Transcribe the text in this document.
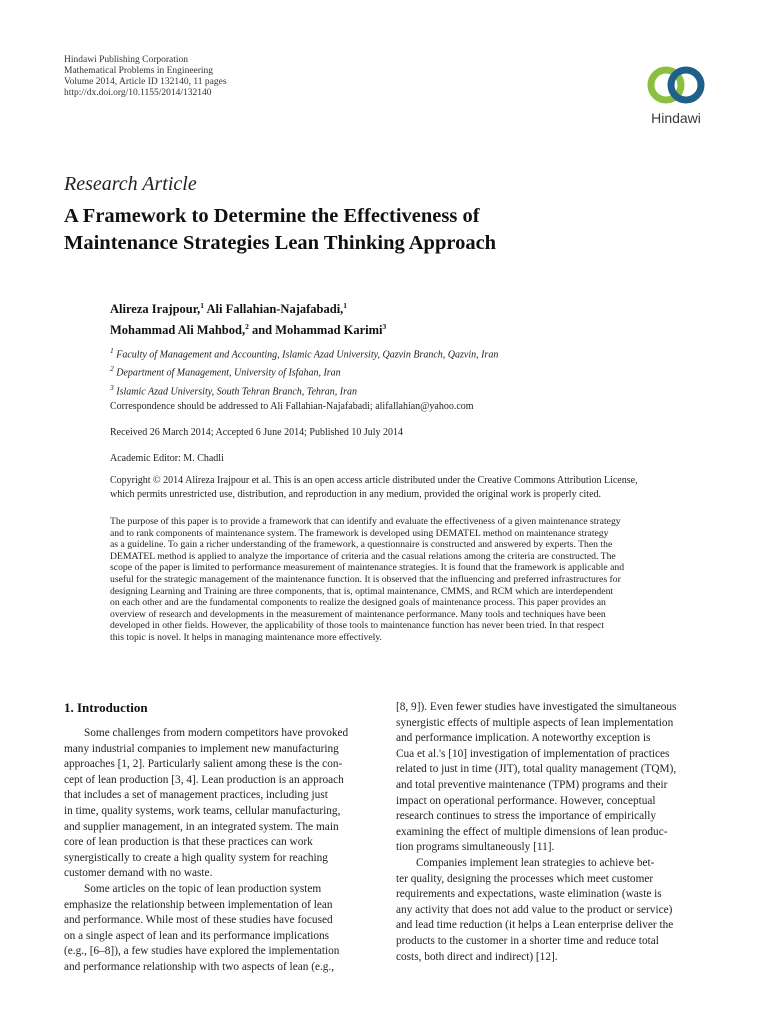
Hindawi Publishing Corporation
Mathematical Problems in Engineering
Volume 2014, Article ID 132140, 11 pages
http://dx.doi.org/10.1155/2014/132140
Hindawi
Research Article
A Framework to Determine the Effectiveness of
Maintenance Strategies Lean Thinking Approach
Alireza Irajpour,$^1$ Ali Fallahian-Najafabadi,$^1$
Mohammad Ali Mahbod,$^2$ and Mohammad Karimi$^3$
$^1$ Faculty of Management and Accounting, Islamic Azad University, Qazvin Branch, Qazvin, Iran
$^2$ Department of Management, University of Isfahan, Iran
$^3$ Islamic Azad University, South Tehran Branch, Tehran, Iran
Correspondence should be addressed to Ali Fallahian-Najafabadi; alifallahian@yahoo.com
Received 26 March 2014; Accepted 6 June 2014; Published 10 July 2014
Academic Editor: M. Chadli
Copyright © 2014 Alireza Irajpour et al. This is an open access article distributed under the Creative Commons Attribution License,
which permits unrestricted use, distribution, and reproduction in any medium, provided the original work is properly cited.
The purpose of this paper is to provide a framework that can identify and evaluate the effectiveness of a given maintenance strategy
and to rank components of maintenance system. The framework is developed using DEMATEL method on maintenance strategy
as a guideline. To gain a richer understanding of the framework, a questionnaire is constructed and answered by experts. Then the
DEMATEL method is applied to analyze the importance of criteria and the casual relations among the criteria are constructed. The
scope of the paper is limited to performance measurement of maintenance strategies. It is found that the framework is applicable and
useful for the strategic management of the maintenance function. It is observed that the influencing and preferred infrastructures for
designing Learning and Training are three components, that is, optimal maintenance, CMMS, and RCM which are interdependent
on each other and are the fundamental components to realize the designed goals of maintenance process. This paper provides an
overview of research and developments in the measurement of maintenance performance. Many tools and techniques have been
developed in other fields. However, the applicability of those tools to maintenance function has never been tried. In that respect
this topic is novel. It helps in managing maintenance more effectively.
1. Introduction
Some challenges from modern competitors have provoked
many industrial companies to implement new manufacturing
approaches [1, 2]. Particularly salient among these is the con-
cept of lean production [3, 4]. Lean production is an approach
that includes a set of management practices, including just
in time, quality systems, work teams, cellular manufacturing,
and supplier management, in an integrated system. The main
core of lean production is that these practices can work
synergistically to create a high quality system for reaching
customer demand with no waste.
Some articles on the topic of lean production system
emphasize the relationship between implementation of lean
and performance. While most of these studies have focused
on a single aspect of lean and its performance implications
(e.g., [6–8]), a few studies have explored the implementation
and performance relationship with two aspects of lean (e.g.,
[8, 9]). Even fewer studies have investigated the simultaneous
synergistic effects of multiple aspects of lean implementation
and performance implication. A noteworthy exception is
Cua et al.'s [10] investigation of implementation of practices
related to just in time (JIT), total quality management (TQM),
and total preventive maintenance (TPM) programs and their
impact on operational performance. However, conceptual
research continues to stress the importance of empirically
examining the effect of multiple dimensions of lean produc-
tion programs simultaneously [11].
Companies implement lean strategies to achieve bet-
ter quality, designing the processes which meet customer
requirements and expectations, waste elimination (waste is
any activity that does not add value to the product or service)
and lead time reduction (it helps a Lean enterprise deliver the
products to the customer in a shorter time and reduce total
costs, both direct and indirect) [12].
